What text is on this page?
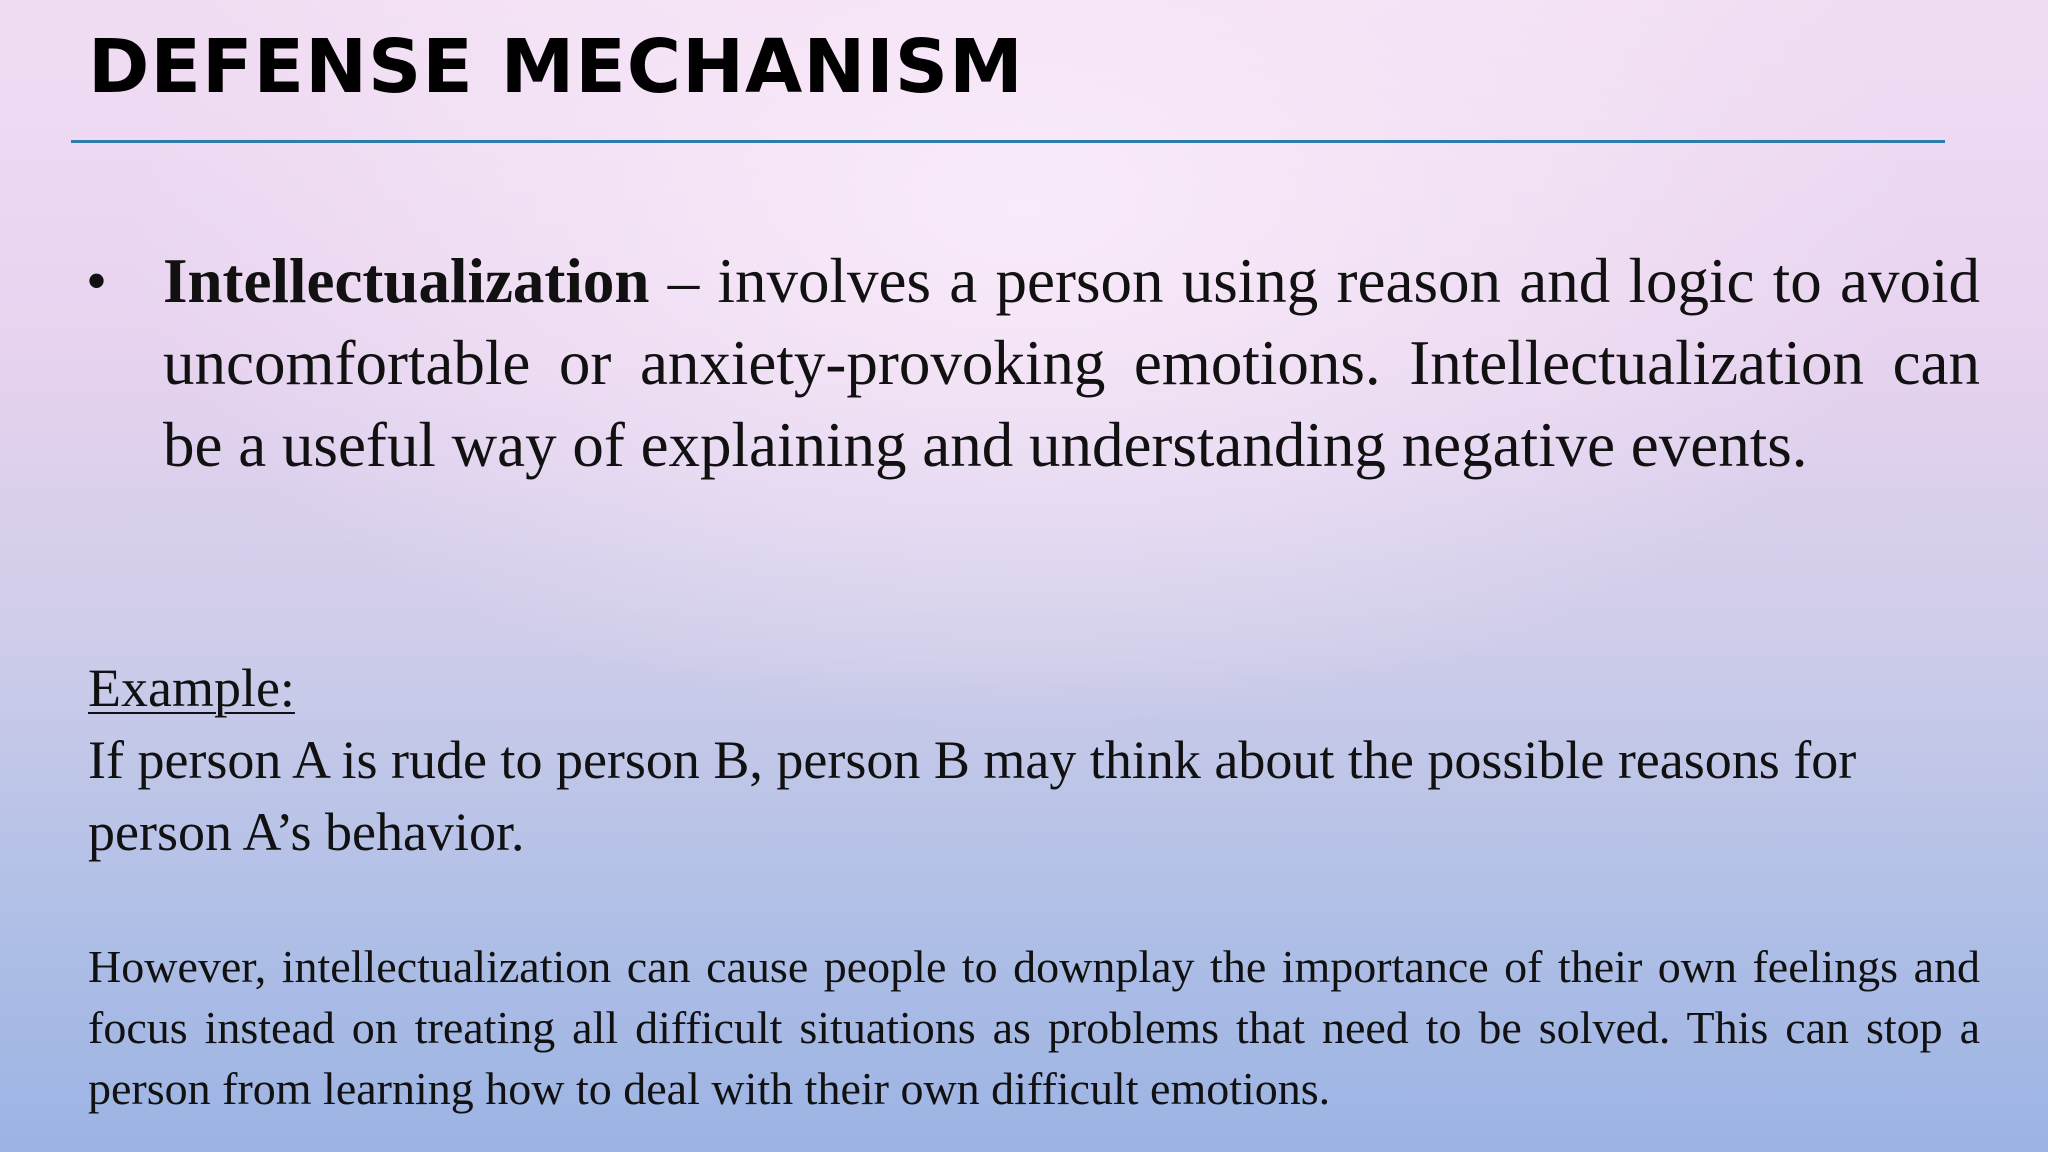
DEFENSE MECHANISM
• Intellectualization – involves a person using reason and logic to avoid uncomfortable or anxiety-provoking emotions. Intellectualization can be a useful way of explaining and understanding negative events.
Example:
If person A is rude to person B, person B may think about the possible reasons for person A’s behavior.
However, intellectualization can cause people to downplay the importance of their own feelings and focus instead on treating all difficult situations as problems that need to be solved. This can stop a person from learning how to deal with their own difficult emotions.
